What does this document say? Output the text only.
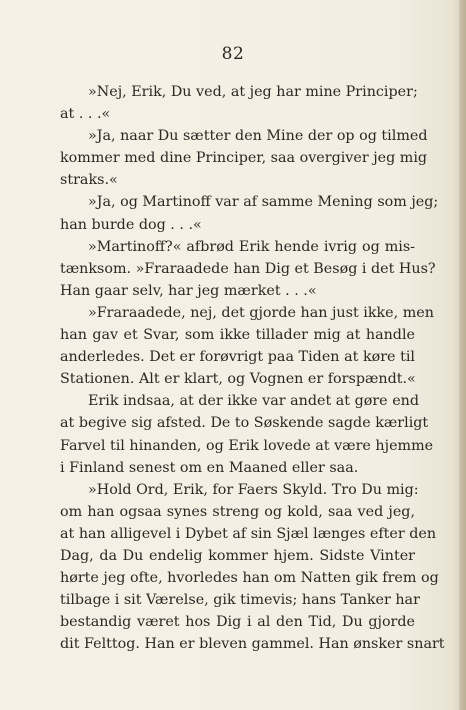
82
»Nej, Erik, Du ved, at jeg har mine Principer;
at . . .«
»Ja, naar Du sætter den Mine der op og tilmed
kommer med dine Principer, saa overgiver jeg mig
straks.«
»Ja, og Martinoff var af samme Mening som jeg;
han burde dog . . .«
»Martinoff?« afbrød Erik hende ivrig og mis-
tænksom. »Fraraadede han Dig et Besøg i det Hus?
Han gaar selv, har jeg mærket . . .«
»Fraraadede, nej, det gjorde han just ikke, men
han gav et Svar, som ikke tillader mig at handle
anderledes. Det er forøvrigt paa Tiden at køre til
Stationen. Alt er klart, og Vognen er forspændt.«
Erik indsaa, at der ikke var andet at gøre end
at begive sig afsted. De to Søskende sagde kærligt
Farvel til hinanden, og Erik lovede at være hjemme
i Finland senest om en Maaned eller saa.
»Hold Ord, Erik, for Faers Skyld. Tro Du mig:
om han ogsaa synes streng og kold, saa ved jeg,
at han alligevel i Dybet af sin Sjæl længes efter den
Dag, da Du endelig kommer hjem. Sidste Vinter
hørte jeg ofte, hvorledes han om Natten gik frem og
tilbage i sit Værelse, gik timevis; hans Tanker har
bestandig været hos Dig i al den Tid, Du gjorde
dit Felttog. Han er bleven gammel. Han ønsker snart
